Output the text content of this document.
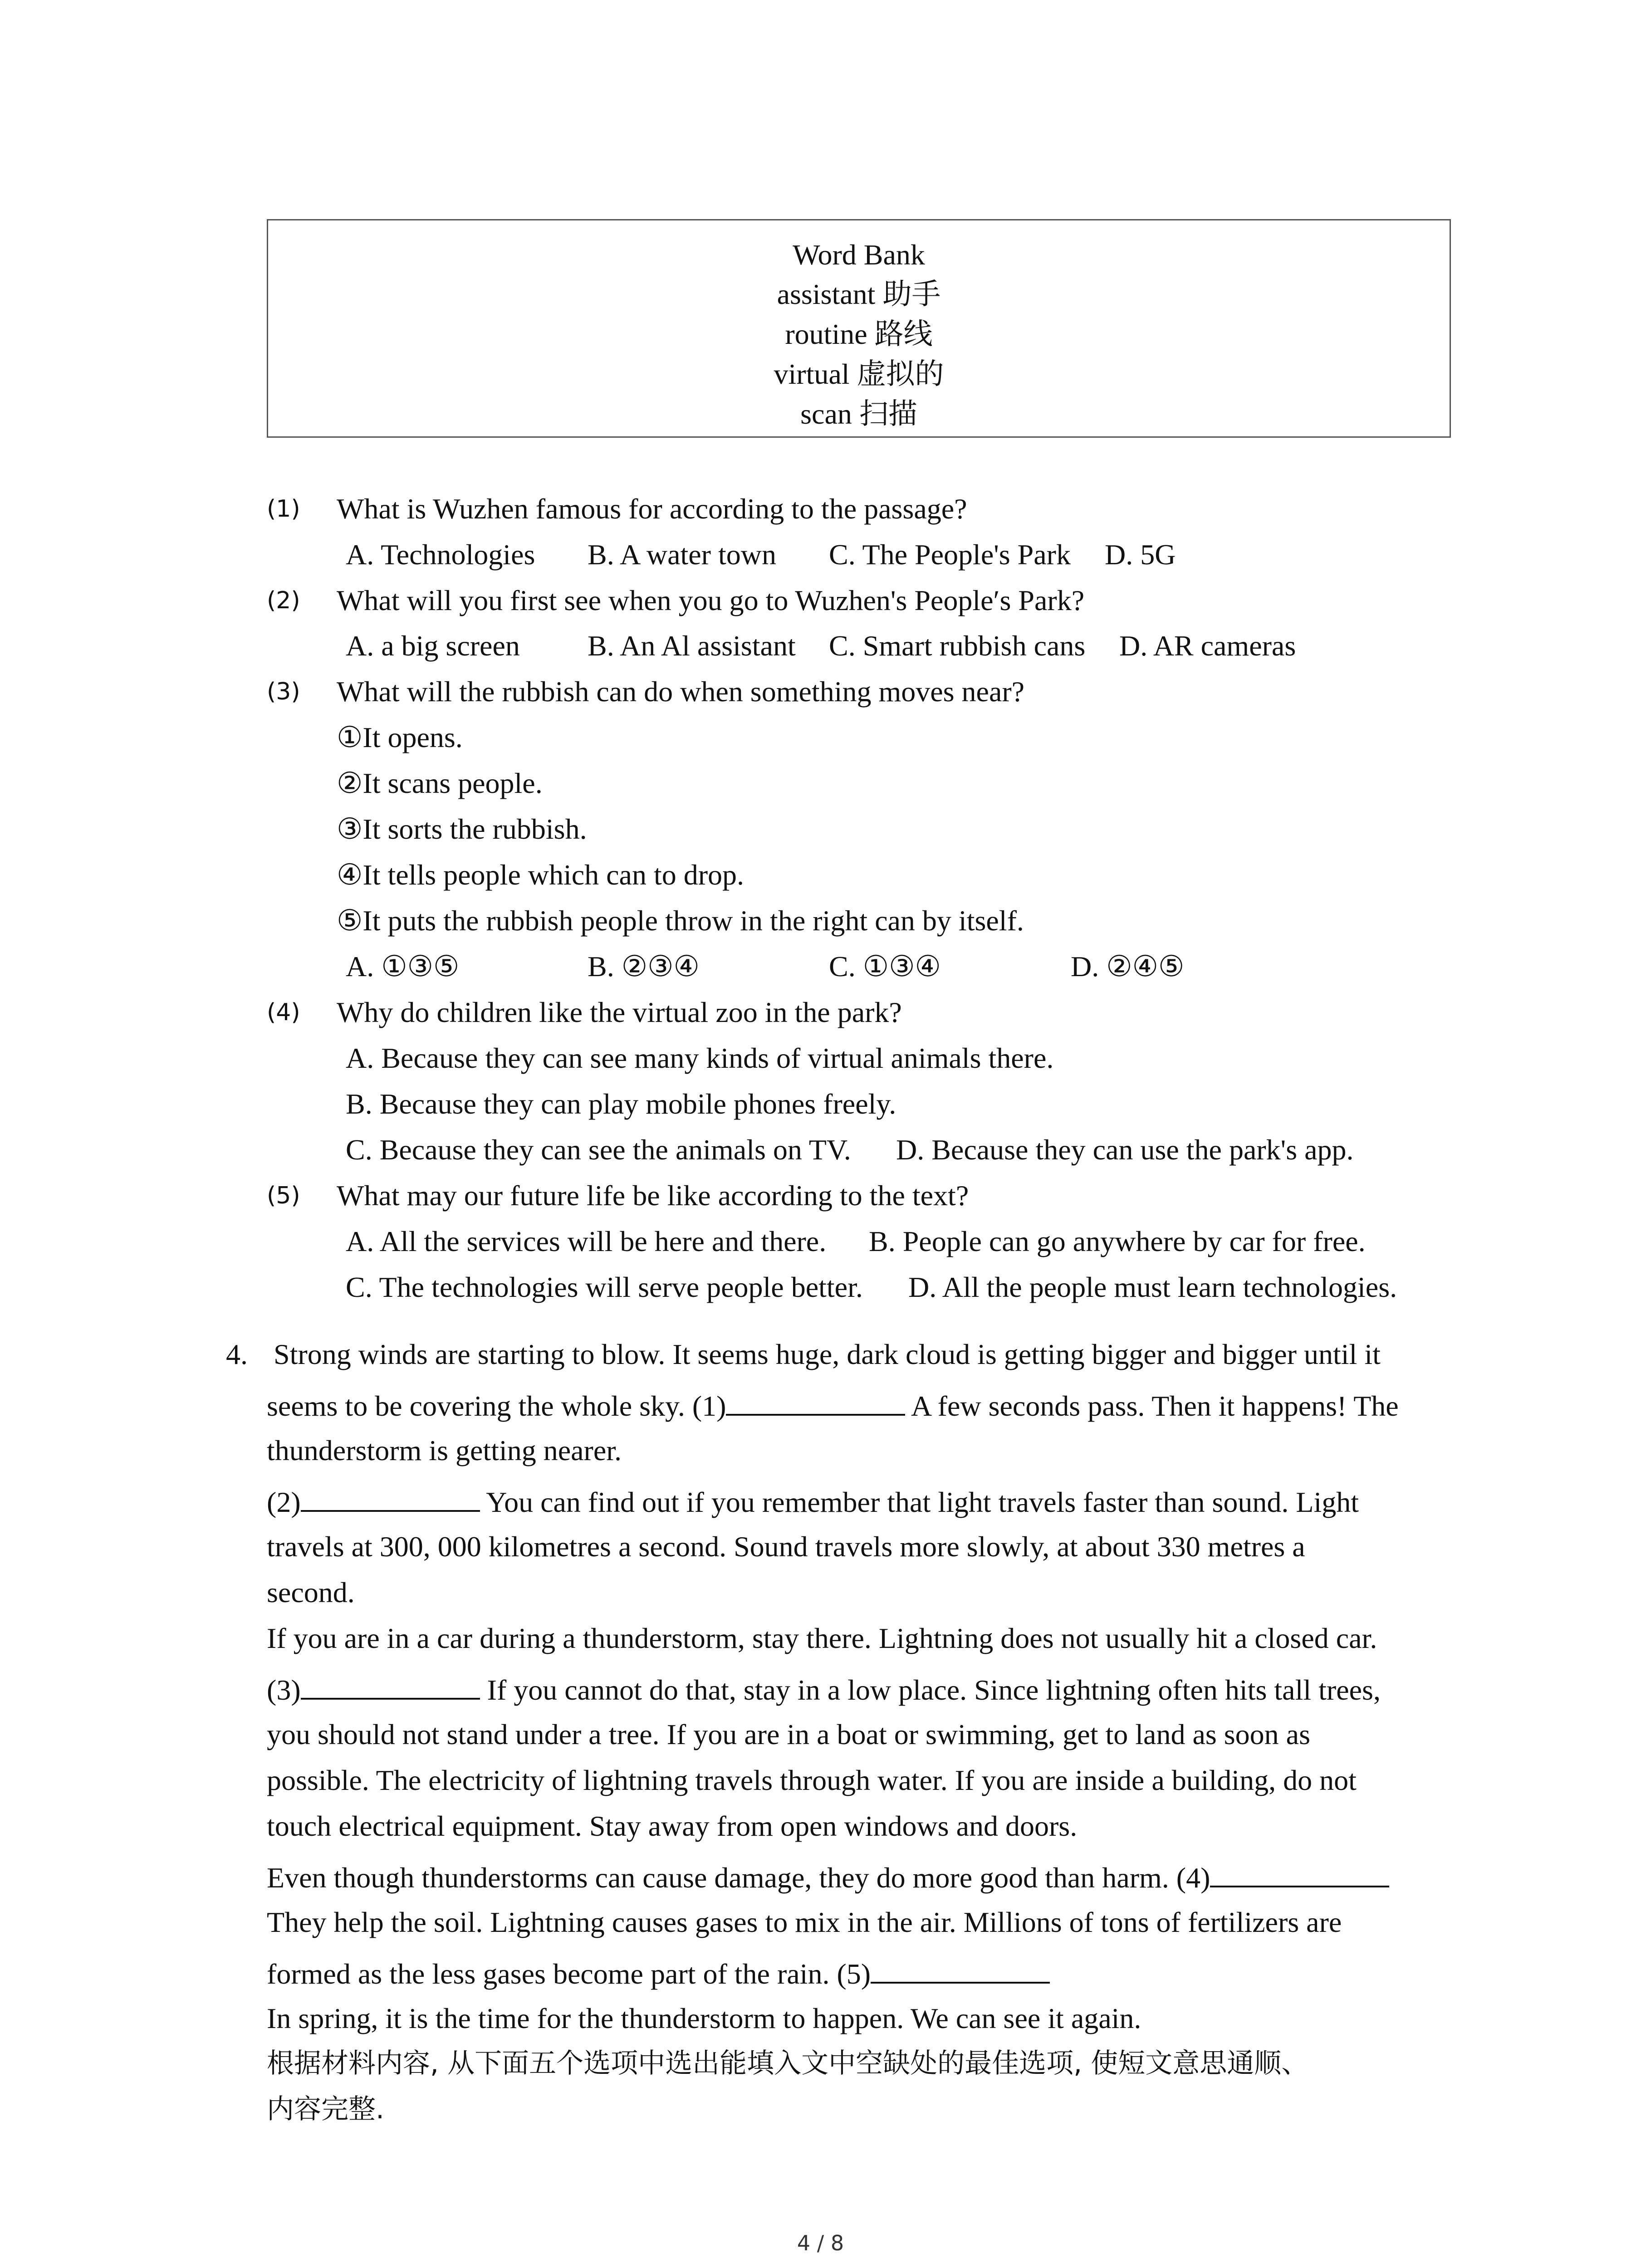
Word Bank
assistant 助手
routine 路线
virtual 虚拟的
scan 扫描
(1) What is Wuzhen famous for according to the passage?
A. Technologies B. A water town C. The People's Park D. 5G
(2) What will you first see when you go to Wuzhen's People′s Park?
A. a big screen B. An Al assistant C. Smart rubbish cans D. AR cameras
(3) What will the rubbish can do when something moves near?
①It opens.
②It scans people.
③It sorts the rubbish.
④It tells people which can to drop.
⑤It puts the rubbish people throw in the right can by itself.
A. ①③⑤	B. ②③④	C. ①③④	D. ②④⑤
(4) Why do children like the virtual zoo in the park?
A. Because they can see many kinds of virtual animals there.
B. Because they can play mobile phones freely.
C. Because they can see the animals on TV. D. Because they can use the park's app.
(5) What may our future life be like according to the text?
A. All the services will be here and there. B. People can go anywhere by car for free.
C. The technologies will serve people better. D. All the people must learn technologies.
4. Strong winds are starting to blow. It seems huge, dark cloud is getting bigger and bigger until it
seems to be covering the whole sky. (1)	A few seconds pass. Then it happens! The
thunderstorm is getting nearer.
(2)	You can find out if you remember that light travels faster than sound. Light
travels at 300, 000 kilometres a second. Sound travels more slowly, at about 330 metres a
second.
If you are in a car during a thunderstorm, stay there. Lightning does not usually hit a closed car.
(3)	If you cannot do that, stay in a low place. Since lightning often hits tall trees,
you should not stand under a tree. If you are in a boat or swimming, get to land as soon as
possible. The electricity of lightning travels through water. If you are inside a building, do not
touch electrical equipment. Stay away from open windows and doors.
Even though thunderstorms can cause damage, they do more good than harm. (4)
They help the soil. Lightning causes gases to mix in the air. Millions of tons of fertilizers are
formed as the less gases become part of the rain. (5)
In spring, it is the time for the thunderstorm to happen. We can see it again.
根据材料内容, 从下面五个选项中选出能填入文中空缺处的最佳选项, 使短文意思通顺、
内容完整.
4 / 8
